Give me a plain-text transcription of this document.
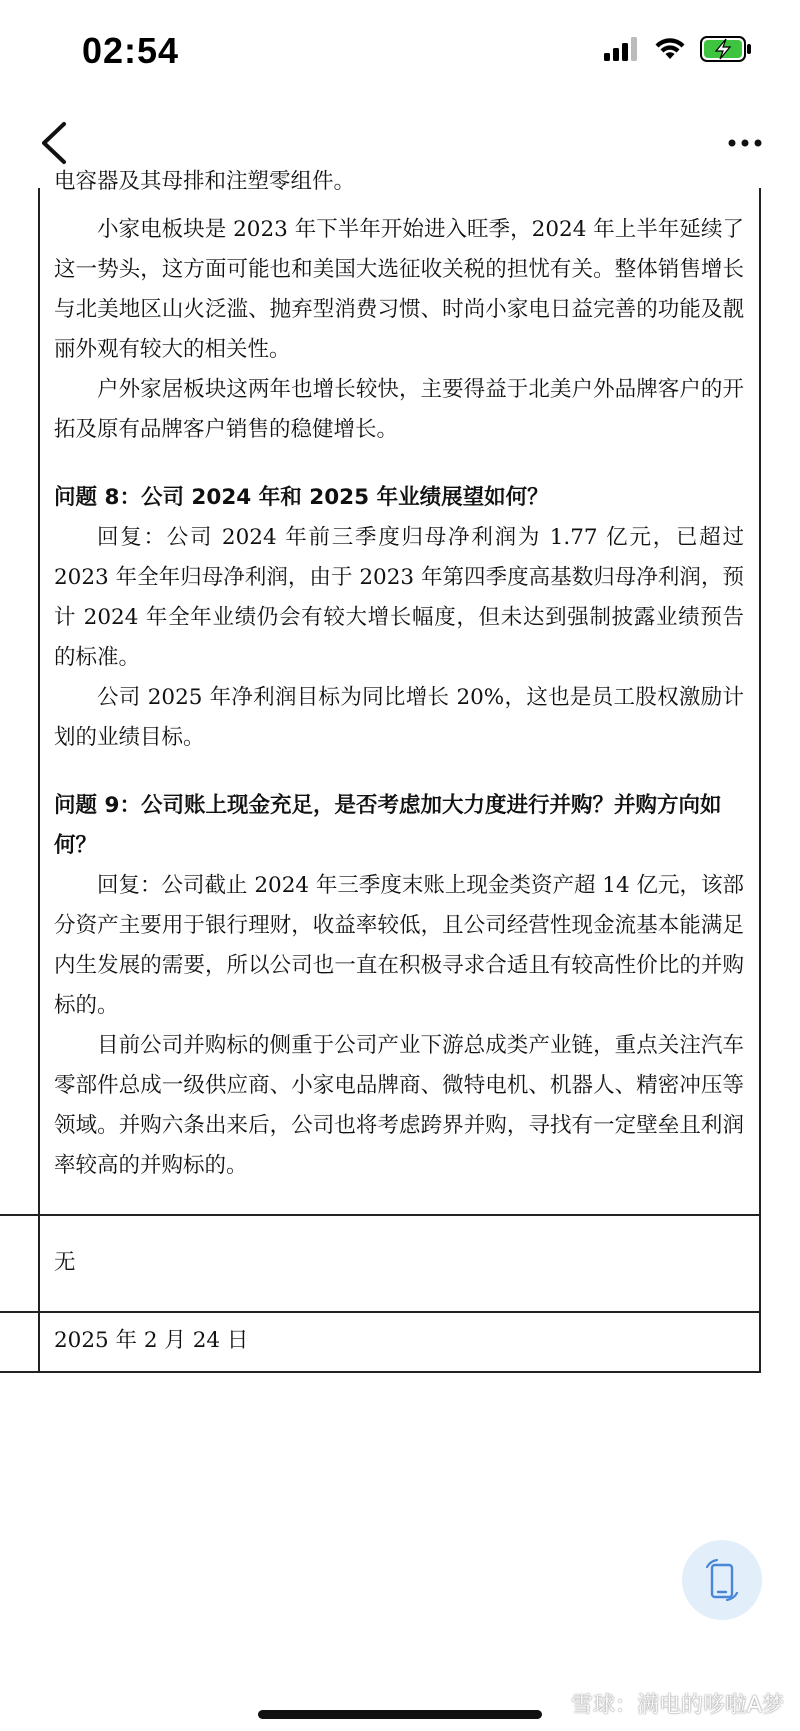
02:54
电容器及其母排和注塑零组件。

小家电板块是 2023 年下半年开始进入旺季，2024 年上半年延续了这一势头，这方面可能也和美国大选征收关税的担忧有关。整体销售增长与北美地区山火泛滥、抛弃型消费习惯、时尚小家电日益完善的功能及靓丽外观有较大的相关性。

户外家居板块这两年也增长较快，主要得益于北美户外品牌客户的开拓及原有品牌客户销售的稳健增长。

问题 8：公司 2024 年和 2025 年业绩展望如何？

回复：公司 2024 年前三季度归母净利润为 1.77 亿元，已超过 2023 年全年归母净利润，由于 2023 年第四季度高基数归母净利润，预计 2024 年全年业绩仍会有较大增长幅度，但未达到强制披露业绩预告的标准。

公司 2025 年净利润目标为同比增长 20%，这也是员工股权激励计划的业绩目标。

问题 9：公司账上现金充足，是否考虑加大力度进行并购？并购方向如何？

回复：公司截止 2024 年三季度末账上现金类资产超 14 亿元，该部分资产主要用于银行理财，收益率较低，且公司经营性现金流基本能满足内生发展的需要，所以公司也一直在积极寻求合适且有较高性价比的并购标的。

目前公司并购标的侧重于公司产业下游总成类产业链，重点关注汽车零部件总成一级供应商、小家电品牌商、微特电机、机器人、精密冲压等领域。并购六条出来后，公司也将考虑跨界并购，寻找有一定壁垒且利润率较高的并购标的。

无
2025 年 2 月 24 日
雪球：满电的哆啦A梦
